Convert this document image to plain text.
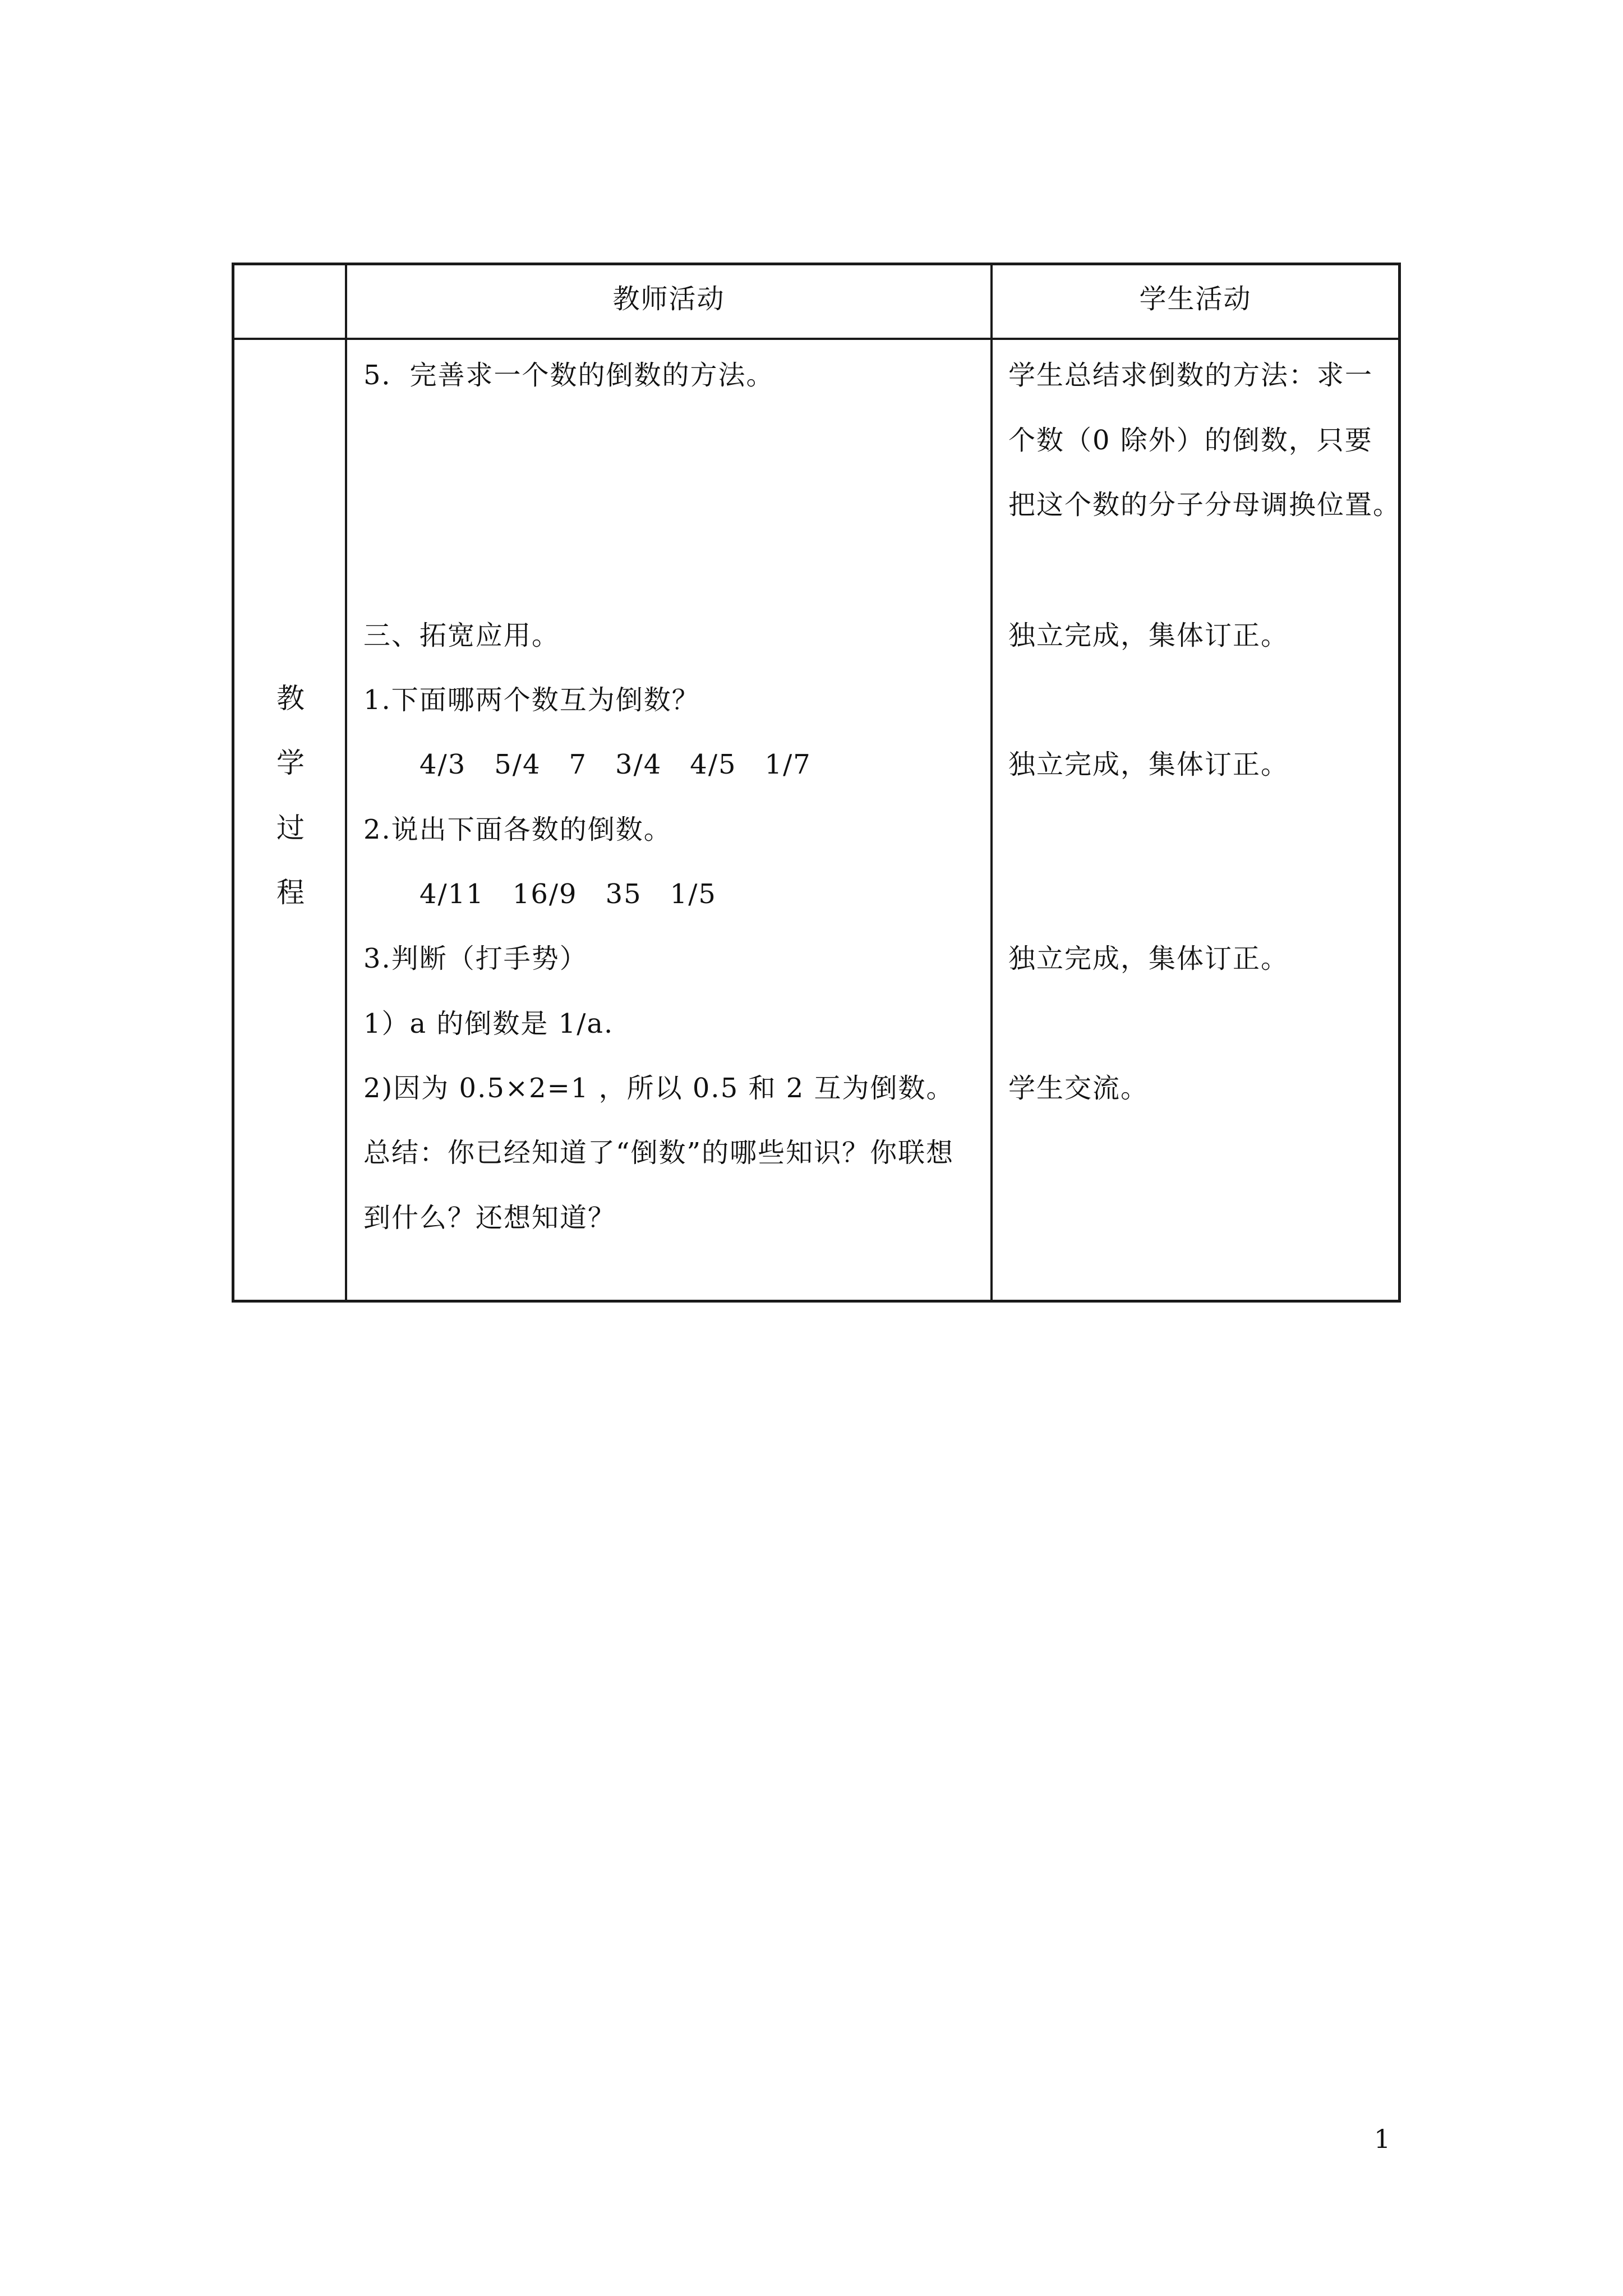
教师活动	学生活动
教
学
过
程
5．完善求一个数的倒数的方法。
三、拓宽应用。
1.下面哪两个数互为倒数？
4/3　5/4　7　3/4　4/5　1/7
2.说出下面各数的倒数。
4/11　16/9　35　1/5
3.判断（打手势）
1）a 的倒数是 1/a.
2)因为 0.5×2=1 ，所以 0.5 和 2 互为倒数。
总结：你已经知道了“倒数”的哪些知识？你联想
到什么？还想知道？
学生总结求倒数的方法：求一
个数（0 除外）的倒数，只要
把这个数的分子分母调换位置。
独立完成，集体订正。
独立完成，集体订正。
独立完成，集体订正。
学生交流。
1
